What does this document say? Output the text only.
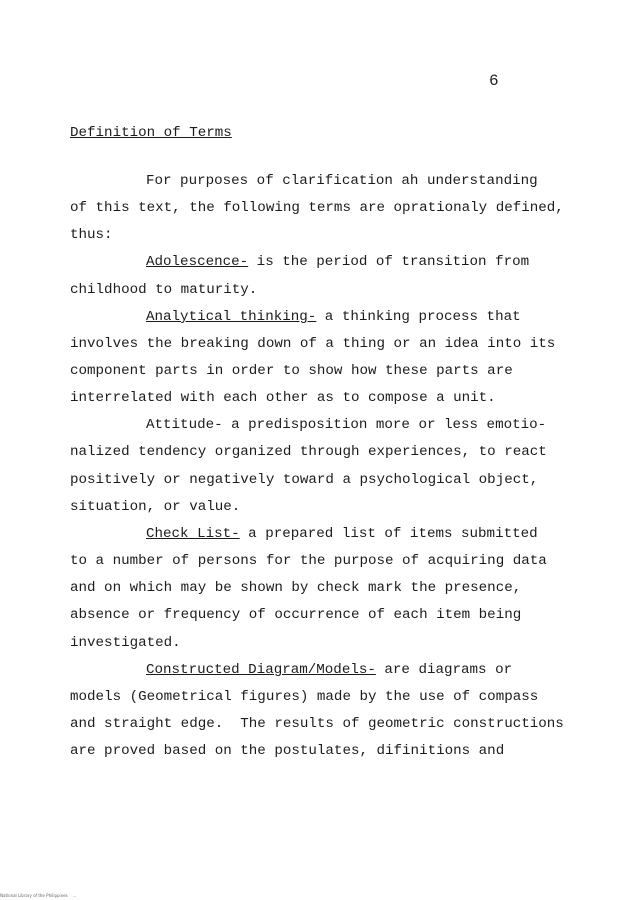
6
Definition of Terms
For purposes of clarification ah understanding
of this text, the following terms are oprationaly defined,
thus:
Adolescence- is the period of transition from
childhood to maturity.
Analytical thinking- a thinking process that
involves the breaking down of a thing or an idea into its
component parts in order to show how these parts are
interrelated with each other as to compose a unit.
Attitude- a predisposition more or less emotio-
nalized tendency organized through experiences, to react
positively or negatively toward a psychological object,
situation, or value.
Check List- a prepared list of items submitted
to a number of persons for the purpose of acquiring data
and on which may be shown by check mark the presence,
absence or frequency of occurrence of each item being
investigated.
Constructed Diagram/Models- are diagrams or
models (Geometrical figures) made by the use of compass
and straight edge.  The results of geometric constructions
are proved based on the postulates, difinitions and
National Library of the Philippines    ...
